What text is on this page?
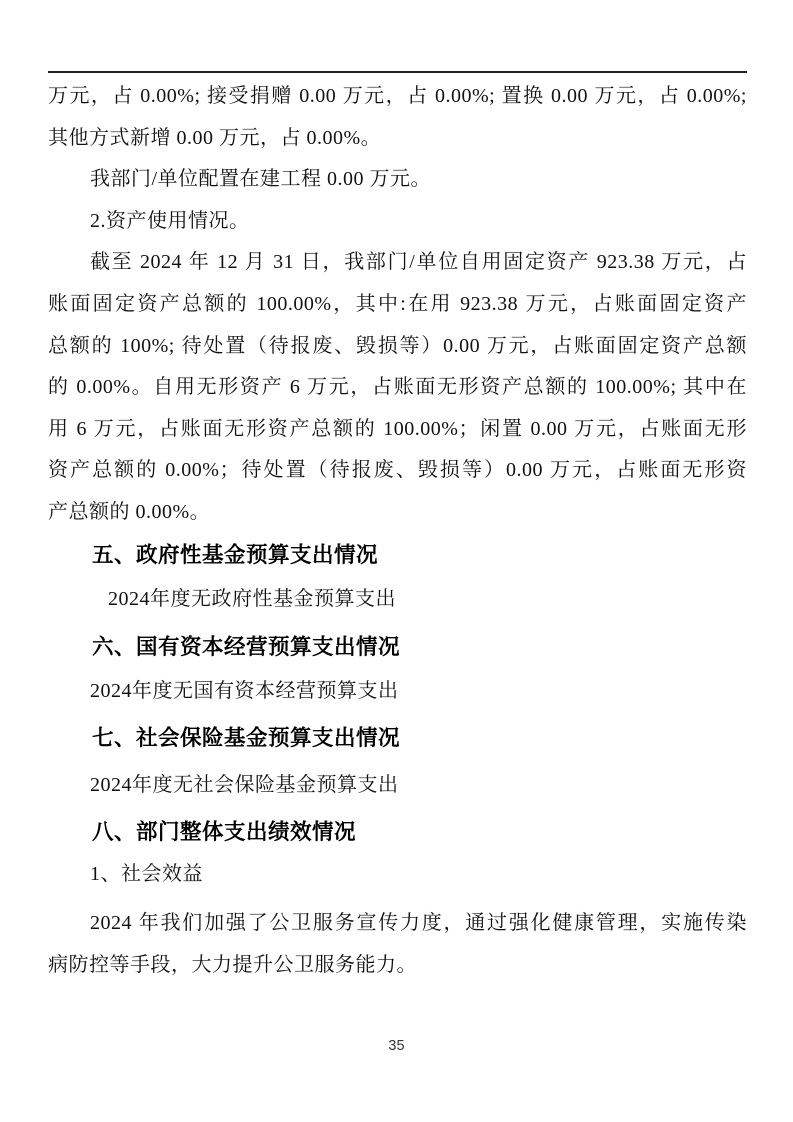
万元，占 0.00%; 接受捐赠 0.00 万元，占 0.00%; 置换 0.00 万元，占 0.00%;
其他方式新增 0.00 万元，占 0.00%。
我部门/单位配置在建工程 0.00 万元。
2.资产使用情况。
截至 2024 年 12 月 31 日，我部门/单位自用固定资产 923.38 万元，占
账面固定资产总额的 100.00%，其中:在用 923.38 万元，占账面固定资产
总额的 100%; 待处置（待报废、毁损等）0.00 万元，占账面固定资产总额
的 0.00%。自用无形资产 6 万元，占账面无形资产总额的 100.00%; 其中在
用 6 万元，占账面无形资产总额的 100.00%；闲置 0.00 万元，占账面无形
资产总额的 0.00%；待处置（待报废、毁损等）0.00 万元，占账面无形资
产总额的 0.00%。
五、政府性基金预算支出情况
2024年度无政府性基金预算支出
六、国有资本经营预算支出情况
2024年度无国有资本经营预算支出
七、社会保险基金预算支出情况
2024年度无社会保险基金预算支出
八、部门整体支出绩效情况
1、社会效益
2024 年我们加强了公卫服务宣传力度，通过强化健康管理，实施传染
病防控等手段，大力提升公卫服务能力。
35
